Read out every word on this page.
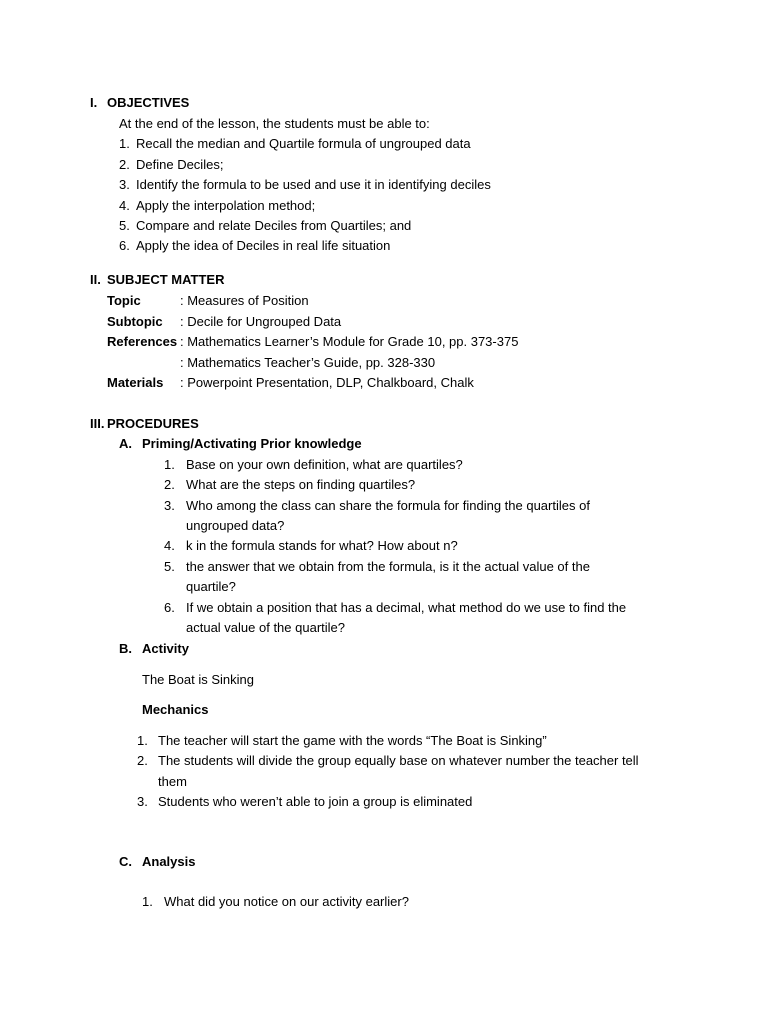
I. OBJECTIVES
At the end of the lesson, the students must be able to:
1. Recall the median and Quartile formula of ungrouped data
2. Define Deciles;
3. Identify the formula to be used and use it in identifying deciles
4. Apply the interpolation method;
5. Compare and relate Deciles from Quartiles; and
6. Apply the idea of Deciles in real life situation
II. SUBJECT MATTER
Topic	: Measures of Position
Subtopic : Decile for Ungrouped Data
References : Mathematics Learner’s Module for Grade 10, pp. 373-375
: Mathematics Teacher’s Guide, pp. 328-330
Materials : Powerpoint Presentation, DLP, Chalkboard, Chalk
III. PROCEDURES
A. Priming/Activating Prior knowledge
1. Base on your own definition, what are quartiles?
2. What are the steps on finding quartiles?
3. Who among the class can share the formula for finding the quartiles of
ungrouped data?
4. k in the formula stands for what? How about n?
5. the answer that we obtain from the formula, is it the actual value of the
quartile?
6. If we obtain a position that has a decimal, what method do we use to find the
actual value of the quartile?
B. Activity
The Boat is Sinking
Mechanics
1. The teacher will start the game with the words “The Boat is Sinking”
2. The students will divide the group equally base on whatever number the teacher tell
them
3. Students who weren’t able to join a group is eliminated
C. Analysis
1. What did you notice on our activity earlier?
